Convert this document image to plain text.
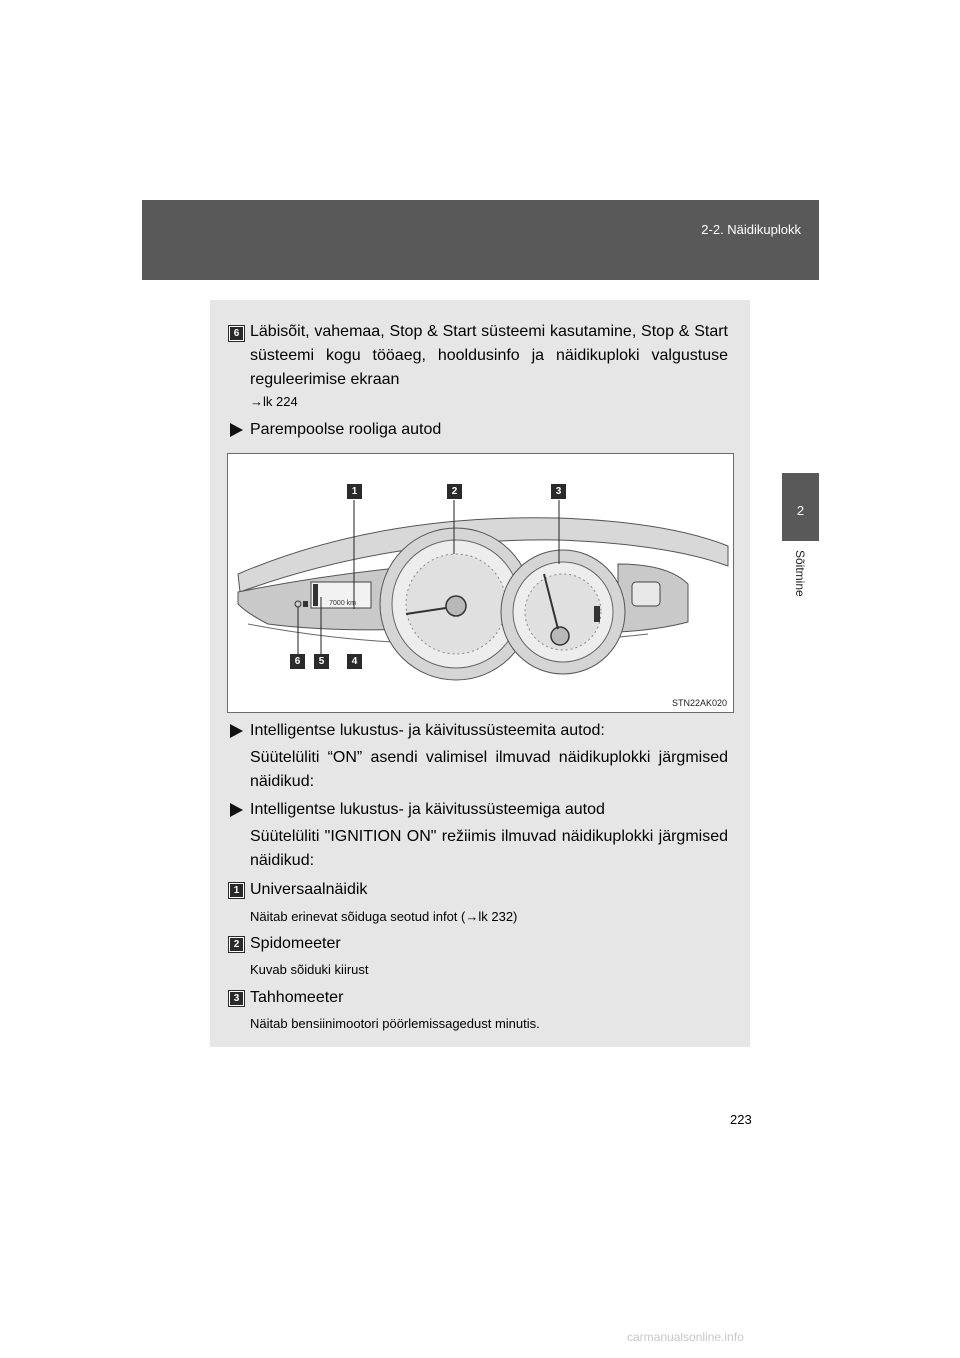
2-2. Näidikuplokk
2
Sõitmine
6 Läbisõit, vahemaa, Stop & Start süsteemi kasutamine, Stop & Start süsteemi kogu tööaeg, hooldusinfo ja näidikuploki valgustuse reguleerimise ekraan
→lk 224
Parempoolse rooliga autod
7000 km
1	2	3
4
5
6
STN22AK020
Intelligentse lukustus- ja käivitussüsteemita autod:
Süütelüliti “ON” asendi valimisel ilmuvad näidikuplokki järgmised näidikud:
Intelligentse lukustus- ja käivitussüsteemiga autod
Süütelüliti "IGNITION ON" režiimis ilmuvad näidikuplokki järgmised näidikud:
1 Universaalnäidik
Näitab erinevat sõiduga seotud infot (→lk 232)
2 Spidomeeter
Kuvab sõiduki kiirust
3 Tahhomeeter
Näitab bensiinimootori pöörlemissagedust minutis.
223
carmanualsonline.info
